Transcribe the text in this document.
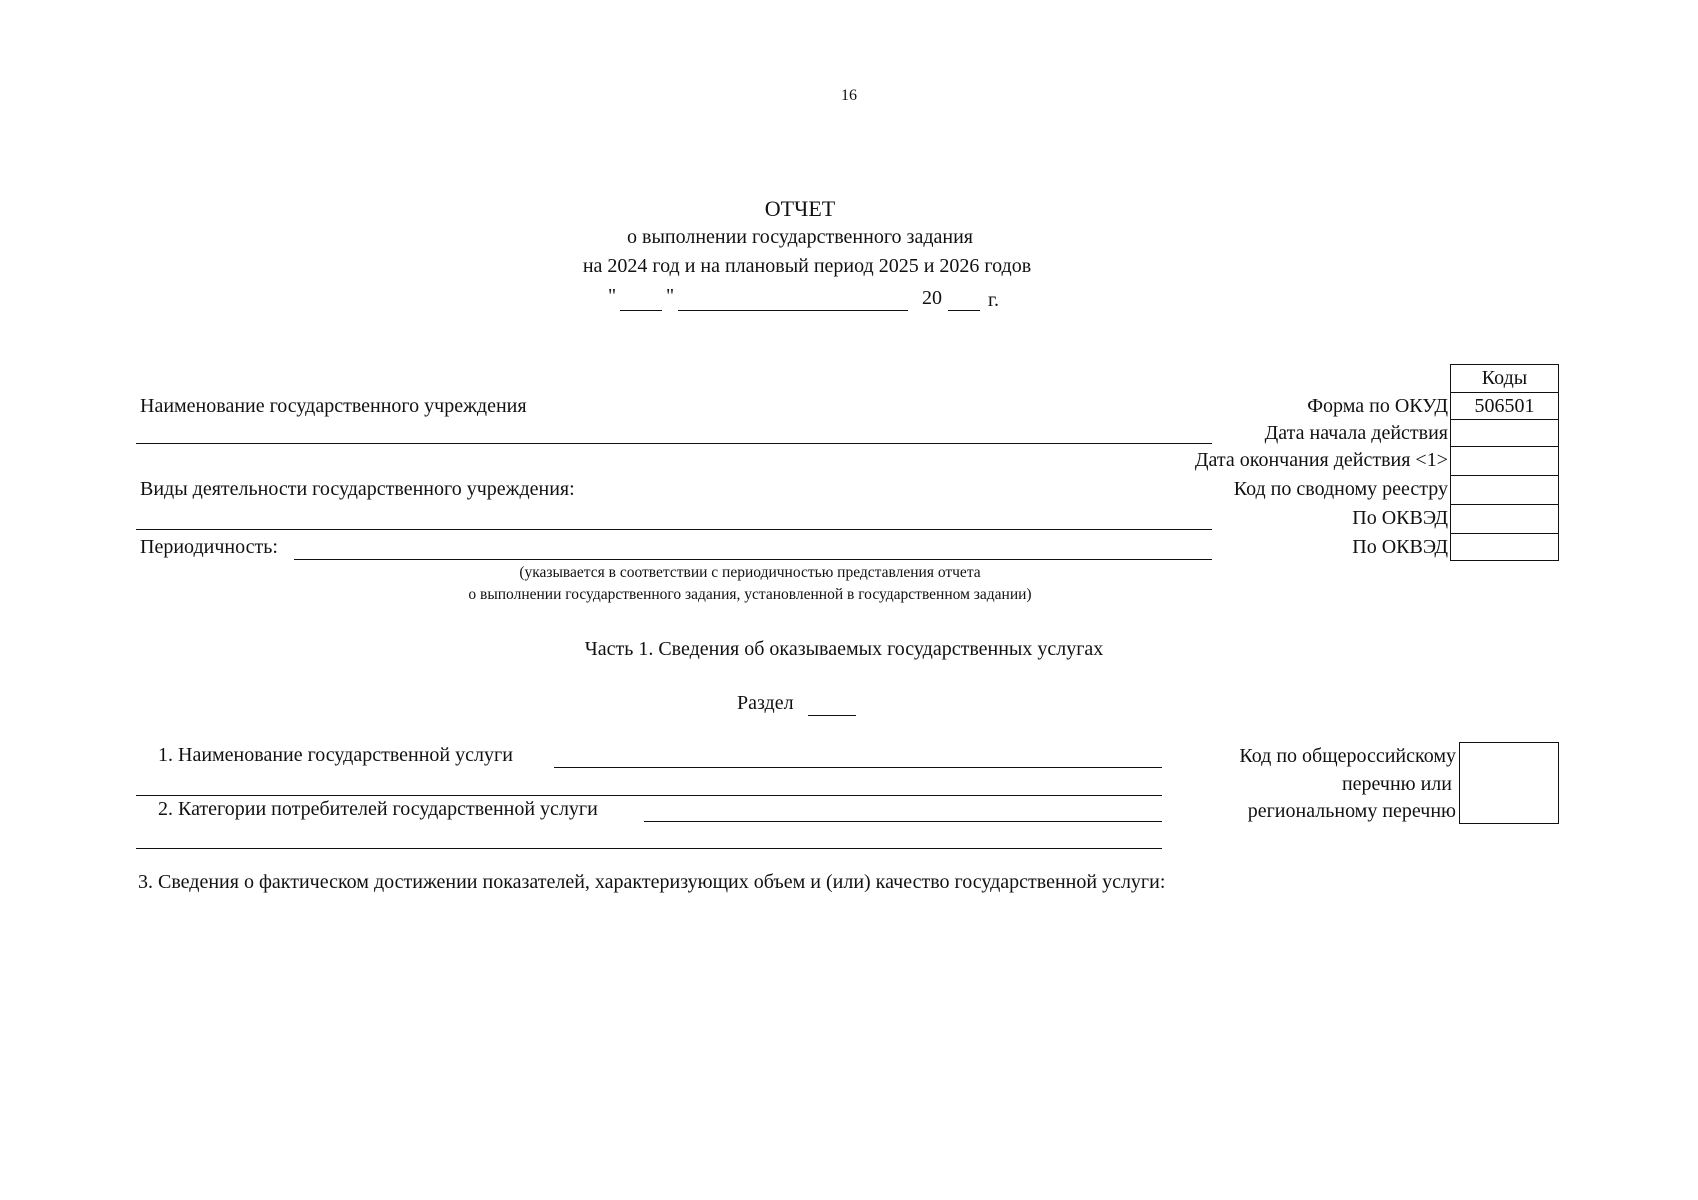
16
ОТЧЕТ
о выполнении государственного задания
на 2024 год и на плановый период 2025 и 2026 годов
" "	20 г.
Наименование государственного учреждения
Виды деятельности государственного учреждения:
Периодичность:
(указывается в соответствии с периодичностью представления отчета
о выполнении государственного задания, установленной в государственном задании)
Форма по ОКУД
Дата начала действия
Дата окончания действия <1>
Код по сводному реестру
По ОКВЭД
По ОКВЭД
Коды
506501
Часть 1. Сведения об оказываемых государственных услугах
Раздел
1. Наименование государственной услуги
2. Категории потребителей государственной услуги
Код по общероссийскому
перечню или
региональному перечню
3. Сведения о фактическом достижении показателей, характеризующих объем и (или) качество государственной услуги:
